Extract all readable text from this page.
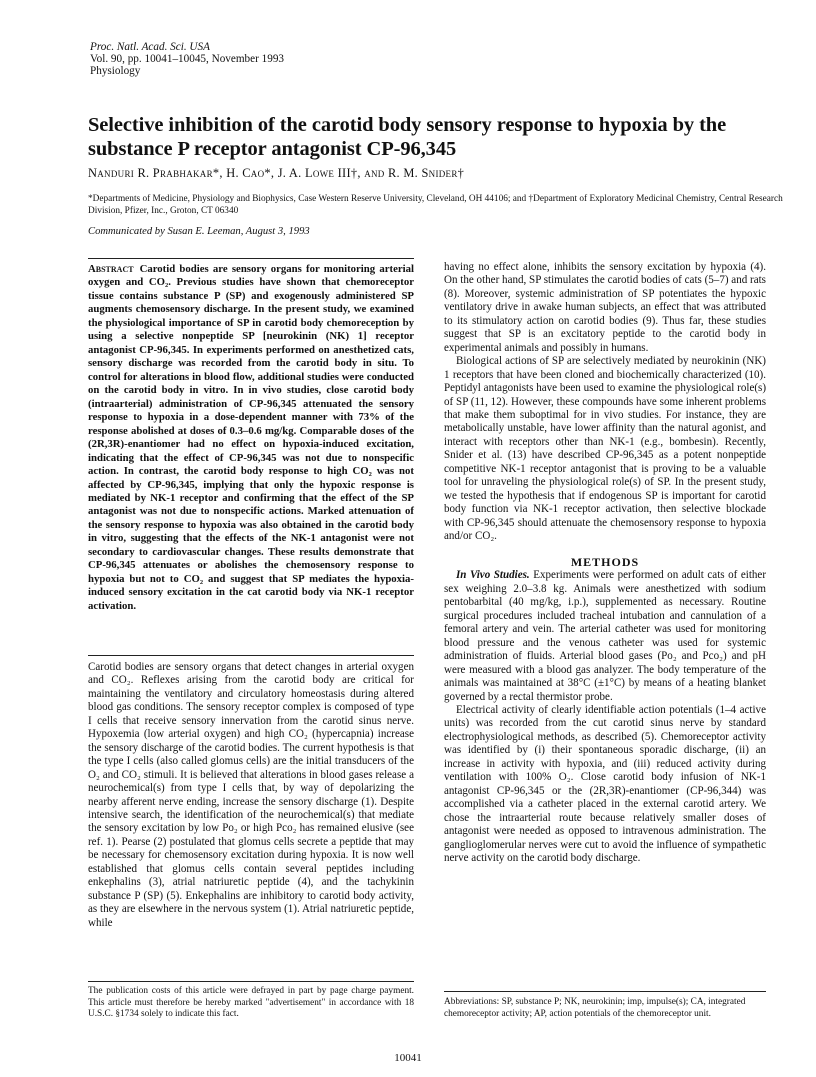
Proc. Natl. Acad. Sci. USA
Vol. 90, pp. 10041–10045, November 1993
Physiology
Selective inhibition of the carotid body sensory response to hypoxia by the substance P receptor antagonist CP-96,345
Nanduri R. Prabhakar*, H. Cao*, J. A. Lowe III†, and R. M. Snider†
*Departments of Medicine, Physiology and Biophysics, Case Western Reserve University, Cleveland, OH 44106; and †Department of Exploratory Medicinal Chemistry, Central Research Division, Pfizer, Inc., Groton, CT 06340
Communicated by Susan E. Leeman, August 3, 1993
Abstract Carotid bodies are sensory organs for monitoring arterial oxygen and CO₂. Previous studies have shown that chemoreceptor tissue contains substance P (SP) and exogenously administered SP augments chemosensory discharge. In the present study, we examined the physiological importance of SP in carotid body chemoreception by using a selective nonpeptide SP [neurokinin (NK) 1] receptor antagonist CP-96,345. In experiments performed on anesthetized cats, sensory discharge was recorded from the carotid body in situ. To control for alterations in blood flow, additional studies were conducted on the carotid body in vitro. In in vivo studies, close carotid body (intraarterial) administration of CP-96,345 attenuated the sensory response to hypoxia in a dose-dependent manner with 73% of the response abolished at doses of 0.3–0.6 mg/kg. Comparable doses of the (2R,3R)-enantiomer had no effect on hypoxia-induced excitation, indicating that the effect of CP-96,345 was not due to nonspecific action. In contrast, the carotid body response to high CO₂ was not affected by CP-96,345, implying that only the hypoxic response is mediated by NK-1 receptor and confirming that the effect of the SP antagonist was not due to nonspecific actions. Marked attenuation of the sensory response to hypoxia was also obtained in the carotid body in vitro, suggesting that the effects of the NK-1 antagonist were not secondary to cardiovascular changes. These results demonstrate that CP-96,345 attenuates or abolishes the chemosensory response to hypoxia but not to CO₂ and suggest that SP mediates the hypoxia-induced sensory excitation in the cat carotid body via NK-1 receptor activation.

Carotid bodies are sensory organs that detect changes in arterial oxygen and CO₂. Reflexes arising from the carotid body are critical for maintaining the ventilatory and circulatory homeostasis during altered blood gas conditions. The sensory receptor complex is composed of type I cells that receive sensory innervation from the carotid sinus nerve. Hypoxemia (low arterial oxygen) and high CO₂ (hypercapnia) increase the sensory discharge of the carotid bodies. The current hypothesis is that the type I cells (also called glomus cells) are the initial transducers of the O₂ and CO₂ stimuli. It is believed that alterations in blood gases release a neurochemical(s) from type I cells that, by way of depolarizing the nearby afferent nerve ending, increase the sensory discharge (1). Despite intensive search, the identification of the neurochemical(s) that mediate the sensory excitation by low Po₂ or high Pco₂ has remained elusive (see ref. 1). Pearse (2) postulated that glomus cells secrete a peptide that may be necessary for chemosensory excitation during hypoxia. It is now well established that glomus cells contain several peptides including enkephalins (3), atrial natriuretic peptide (4), and the tachykinin substance P (SP) (5). Enkephalins are inhibitory to carotid body activity, as they are elsewhere in the nervous system (1). Atrial natriuretic peptide, while

having no effect alone, inhibits the sensory excitation by hypoxia (4). On the other hand, SP stimulates the carotid bodies of cats (5–7) and rats (8). Moreover, systemic administration of SP potentiates the hypoxic ventilatory drive in awake human subjects, an effect that was attributed to its stimulatory action on carotid bodies (9). Thus far, these studies suggest that SP is an excitatory peptide to the carotid body in experimental animals and possibly in humans.

Biological actions of SP are selectively mediated by neurokinin (NK) 1 receptors that have been cloned and biochemically characterized (10). Peptidyl antagonists have been used to examine the physiological role(s) of SP (11, 12). However, these compounds have some inherent problems that make them suboptimal for in vivo studies. For instance, they are metabolically unstable, have lower affinity than the natural agonist, and interact with receptors other than NK-1 (e.g., bombesin). Recently, Snider et al. (13) have described CP-96,345 as a potent nonpeptide competitive NK-1 receptor antagonist that is proving to be a valuable tool for unraveling the physiological role(s) of SP. In the present study, we tested the hypothesis that if endogenous SP is important for carotid body function via NK-1 receptor activation, then selective blockade with CP-96,345 should attenuate the chemosensory response to hypoxia and/or CO₂.

METHODS

In Vivo Studies. Experiments were performed on adult cats of either sex weighing 2.0–3.8 kg. Animals were anesthetized with sodium pentobarbital (40 mg/kg, i.p.), supplemented as necessary. Routine surgical procedures included tracheal intubation and cannulation of a femoral artery and vein. The arterial catheter was used for monitoring blood pressure and the venous catheter was used for systemic administration of fluids. Arterial blood gases (Po₂ and Pco₂) and pH were measured with a blood gas analyzer. The body temperature of the animals was maintained at 38°C (±1°C) by means of a heating blanket governed by a rectal thermistor probe.

Electrical activity of clearly identifiable action potentials (1–4 active units) was recorded from the cut carotid sinus nerve by standard electrophysiological methods, as described (5). Chemoreceptor activity was identified by (i) their spontaneous sporadic discharge, (ii) an increase in activity with hypoxia, and (iii) reduced activity during ventilation with 100% O₂. Close carotid body infusion of NK-1 antagonist CP-96,345 or the (2R,3R)-enantiomer (CP-96,344) was accomplished via a catheter placed in the external carotid artery. We chose the intraarterial route because relatively smaller doses of antagonist were needed as opposed to intravenous administration. The ganglioglomerular nerves were cut to avoid the influence of sympathetic nerve activity on the carotid body discharge.

The publication costs of this article were defrayed in part by page charge payment. This article must therefore be hereby marked "advertisement" in accordance with 18 U.S.C. §1734 solely to indicate this fact.
Abbreviations: SP, substance P; NK, neurokinin; imp, impulse(s); CA, integrated chemoreceptor activity; AP, action potentials of the chemoreceptor unit.
10041
